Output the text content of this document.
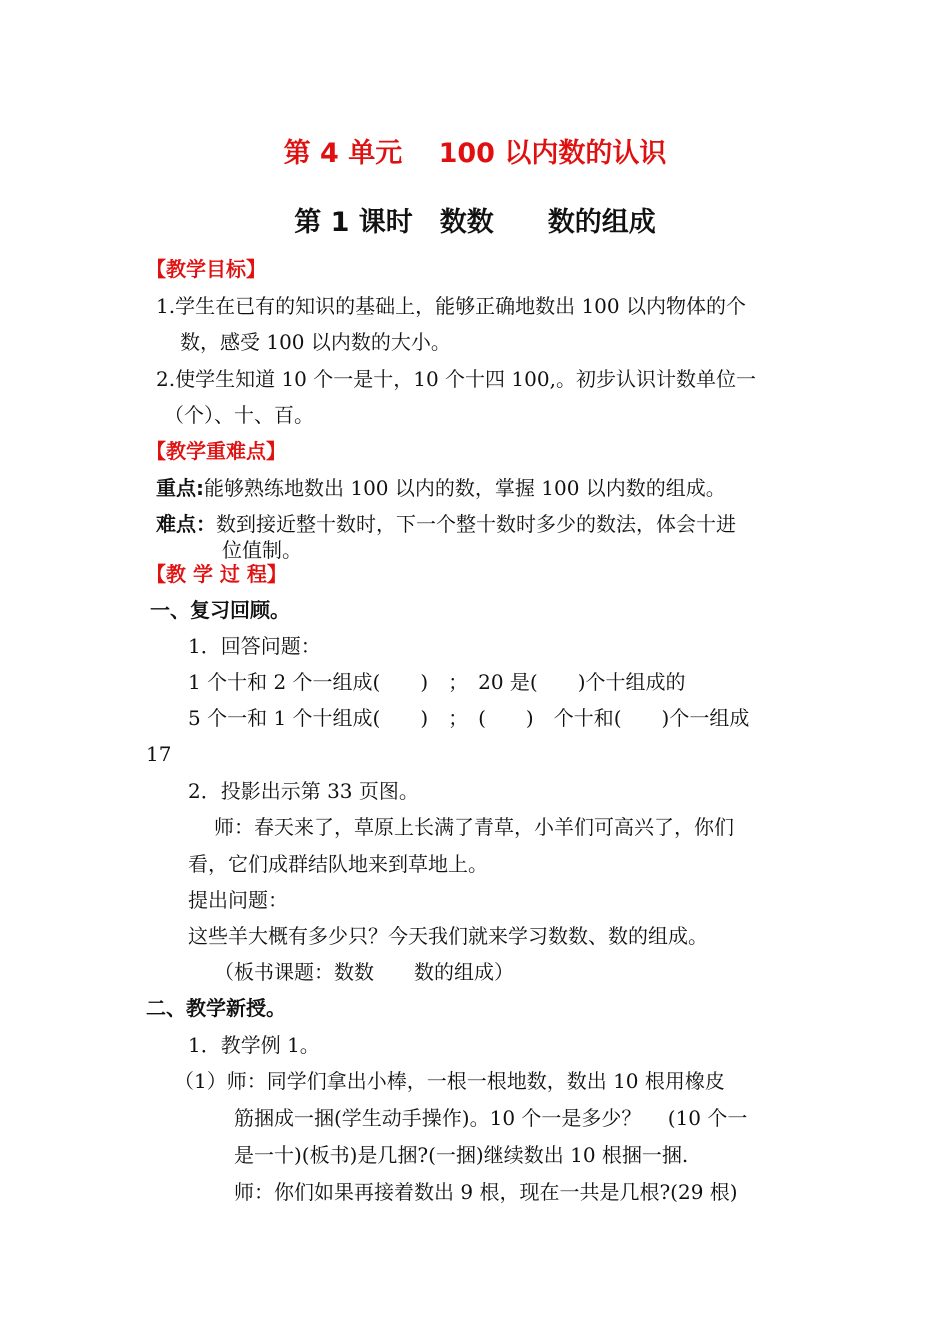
第 4 单元　 100 以内数的认识
第 1 课时　数数　　数的组成
【教学目标】
1.学生在已有的知识的基础上，能够正确地数出 100 以内物体的个
数，感受 100 以内数的大小。
2.使学生知道 10 个一是十，10 个十四 100,。初步认识计数单位一
（个）、十、百。
【教学重难点】
重点:能够熟练地数出 100 以内的数，掌握 100 以内数的组成。
难点：数到接近整十数时，下一个整十数时多少的数法，体会十进
位值制。
【教 学 过 程】
一、复习回顾。
1．回答问题：
1 个十和 2 个一组成(　　)　；　20 是(　　)个十组成的
5 个一和 1 个十组成(　　)　；　(　　)　个十和(　　)个一组成
17
2．投影出示第 33 页图。
师：春天来了，草原上长满了青草，小羊们可高兴了，你们
看，它们成群结队地来到草地上。
提出问题：
这些羊大概有多少只？今天我们就来学习数数、数的组成。
（板书课题：数数　　数的组成）
二、教学新授。
1．教学例 1。
（1）师：同学们拿出小棒，一根一根地数，数出 10 根用橡皮
筋捆成一捆(学生动手操作)。10 个一是多少？　 (10 个一
是一十)(板书)是几捆?(一捆)继续数出 10 根捆一捆.
师：你们如果再接着数出 9 根，现在一共是几根?(29 根)
